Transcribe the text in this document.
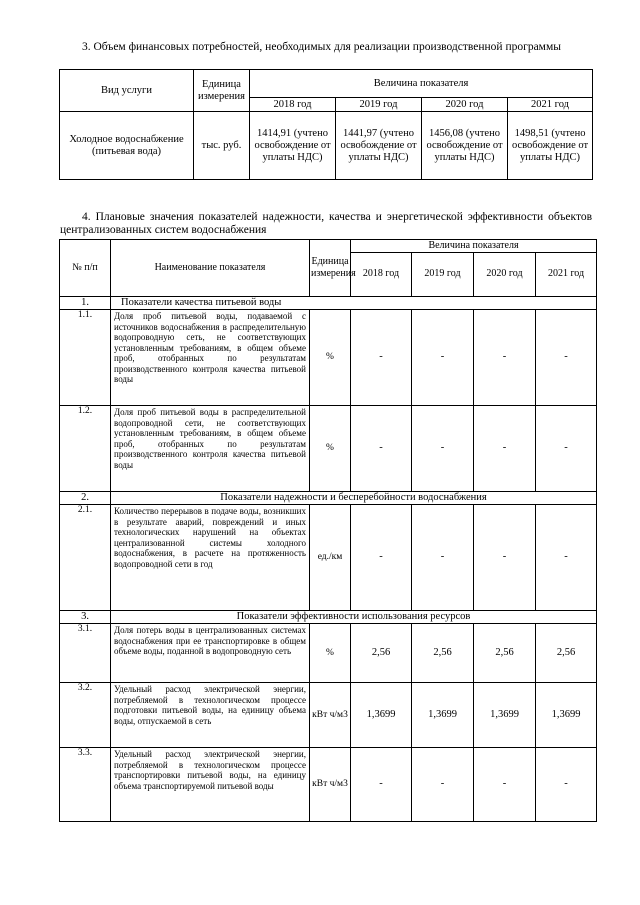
3. Объем финансовых потребностей, необходимых для реализации производственной программы

Вид услуги	Единица измерения	Величина показателя			
		2018 год	2019 год	2020 год	2021 год
Холодное водоснабжение (питьевая вода)	тыс. руб.	1414,91 (учтено освобождение от уплаты НДС)	1441,97 (учтено освобождение от уплаты НДС)	1456,08 (учтено освобождение от уплаты НДС)	1498,51 (учтено освобождение от уплаты НДС)

4. Плановые значения показателей надежности, качества и энергетической эффективности объектов централизованных систем водоснабжения

№ п/п	Наименование показателя	Единица измерения	Величина показателя			
			2018 год	2019 год	2020 год	2021 год
1.	Показатели качества питьевой воды					
1.1.	Доля проб питьевой воды, подаваемой с источников водоснабжения в распределительную водопроводную сеть, не соответствующих установленным требованиям, в общем объеме проб, отобранных по результатам производственного контроля качества питьевой воды	%	-	-	-	-
1.2.	Доля проб питьевой воды в распределительной водопроводной сети, не соответствующих установленным требованиям, в общем объеме проб, отобранных по результатам производственного контроля качества питьевой воды	%	-	-	-	-
2.	Показатели надежности и бесперебойности водоснабжения					
2.1.	Количество перерывов в подаче воды, возникших в результате аварий, повреждений и иных технологических нарушений на объектах централизованной системы холодного водоснабжения, в расчете на протяженность водопроводной сети в год	ед./км	-	-	-	-
3.	Показатели эффективности использования ресурсов					
3.1.	Доля потерь воды в централизованных системах водоснабжения при ее транспортировке в общем объеме воды, поданной в водопроводную сеть	%	2,56	2,56	2,56	2,56
3.2.	Удельный расход электрической энергии, потребляемой в технологическом процессе подготовки питьевой воды, на единицу объема воды, отпускаемой в сеть	кВт ч/м3	1,3699	1,3699	1,3699	1,3699
3.3.	Удельный расход электрической энергии, потребляемой в технологическом процессе транспортировки питьевой воды, на единицу объема транспортируемой питьевой воды	кВт ч/м3	-	-	-	-
